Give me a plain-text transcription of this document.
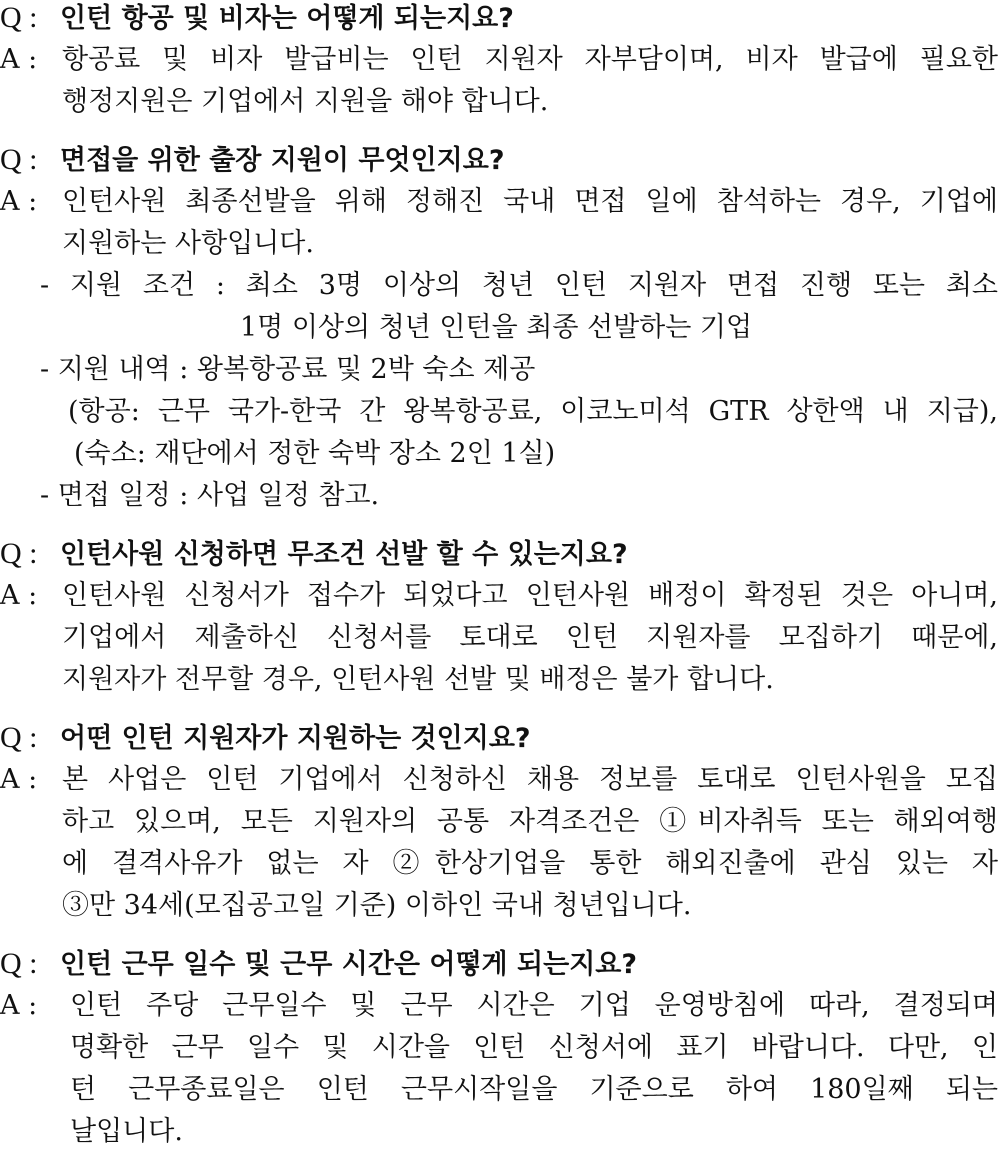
Q : 인턴 항공 및 비자는 어떻게 되는지요?
A : 항공료 및 비자 발급비는 인턴 지원자 자부담이며, 비자 발급에 필요한
행정지원은 기업에서 지원을 해야 합니다.
Q : 면접을 위한 출장 지원이 무엇인지요?
A : 인턴사원 최종선발을 위해 정해진 국내 면접 일에 참석하는 경우, 기업에
지원하는 사항입니다.
- 지원 조건 : 최소 3명 이상의 청년 인턴 지원자 면접 진행 또는 최소
1명 이상의 청년 인턴을 최종 선발하는 기업
- 지원 내역 : 왕복항공료 및 2박 숙소 제공
(항공: 근무 국가-한국 간 왕복항공료, 이코노미석 GTR 상한액 내 지급),
(숙소: 재단에서 정한 숙박 장소 2인 1실)
- 면접 일정 : 사업 일정 참고.
Q : 인턴사원 신청하면 무조건 선발 할 수 있는지요?
A : 인턴사원 신청서가 접수가 되었다고 인턴사원 배정이 확정된 것은 아니며,
기업에서 제출하신 신청서를 토대로 인턴 지원자를 모집하기 때문에,
지원자가 전무할 경우, 인턴사원 선발 및 배정은 불가 합니다.
Q : 어떤 인턴 지원자가 지원하는 것인지요?
A : 본 사업은 인턴 기업에서 신청하신 채용 정보를 토대로 인턴사원을 모집
하고 있으며, 모든 지원자의 공통 자격조건은 ①비자취득 또는 해외여행
에 결격사유가 없는 자 ②한상기업을 통한 해외진출에 관심 있는 자
③만 34세(모집공고일 기준) 이하인 국내 청년입니다.
Q : 인턴 근무 일수 및 근무 시간은 어떻게 되는지요?
A :	인턴 주당 근무일수 및 근무 시간은 기업 운영방침에 따라, 결정되며
명확한 근무 일수 및 시간을 인턴 신청서에 표기 바랍니다. 다만, 인
턴 근무종료일은 인턴 근무시작일을 기준으로 하여 180일째 되는
날입니다.
